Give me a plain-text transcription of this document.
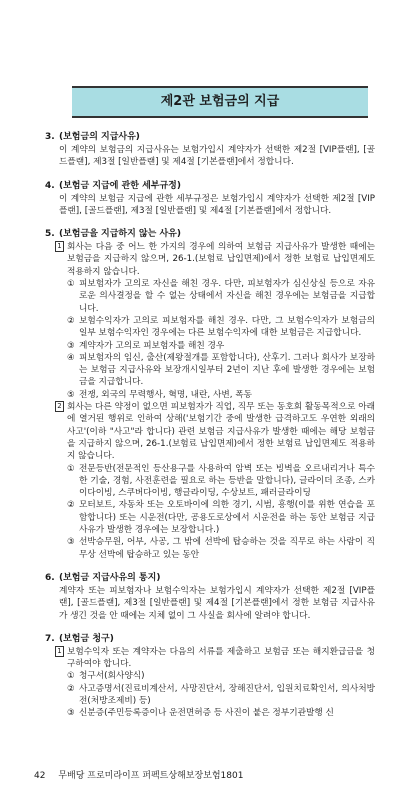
제2관 보험금의 지급
3. (보험금의 지급사유)
이 계약의 보험금의 지급사유는 보험가입시 계약자가 선택한 제2절 [VIP플랜], [골드플랜], 제3절 [일반플랜] 및 제4절 [기본플랜]에서 정합니다.
4. (보험금 지급에 관한 세부규정)
이 계약의 보험금 지급에 관한 세부규정은 보험가입시 계약자가 선택한 제2절 [VIP플랜], [골드플랜], 제3절 [일반플랜] 및 제4절 [기본플랜]에서 정합니다.
5. (보험금을 지급하지 않는 사유)
1 회사는 다음 중 어느 한 가지의 경우에 의하여 보험금 지급사유가 발생한 때에는 보험금을 지급하지 않으며, 26-1.(보험료 납입면제)에서 정한 보험료 납입면제도 적용하지 않습니다.
① 피보험자가 고의로 자신을 해친 경우. 다만, 피보험자가 심신상실 등으로 자유로운 의사결정을 할 수 없는 상태에서 자신을 해친 경우에는 보험금을 지급합니다.
② 보험수익자가 고의로 피보험자를 해친 경우. 다만, 그 보험수익자가 보험금의 일부 보험수익자인 경우에는 다른 보험수익자에 대한 보험금은 지급합니다.
③ 계약자가 고의로 피보험자를 해친 경우
④ 피보험자의 임신, 출산(제왕절개를 포함합니다), 산후기. 그러나 회사가 보장하는 보험금 지급사유와 보장개시일부터 2년이 지난 후에 발생한 경우에는 보험금을 지급합니다.
⑤ 전쟁, 외국의 무력행사, 혁명, 내란, 사변, 폭동
2 회사는 다른 약정이 없으면 피보험자가 직업, 직무 또는 동호회 활동목적으로 아래에 열거된 행위로 인하여 상해('보험기간 중에 발생한 급격하고도 우연한 외래의 사고'(이하 "사고"라 합니다) 관련 보험금 지급사유가 발생한 때에는 해당 보험금을 지급하지 않으며, 26-1.(보험료 납입면제)에서 정한 보험료 납입면제도 적용하지 않습니다.
① 전문등반(전문적인 등산용구를 사용하여 암벽 또는 빙벽을 오르내리거나 특수한 기술, 경험, 사전훈련을 필요로 하는 등반을 말합니다), 글라이더 조종, 스카이다이빙, 스쿠버다이빙, 행글라이딩, 수상보트, 패러글라이딩
② 모터보트, 자동차 또는 오토바이에 의한 경기, 시범, 흥행(이를 위한 연습을 포함합니다) 또는 시운전(다만, 공용도로상에서 시운전을 하는 동안 보험금 지급사유가 발생한 경우에는 보장합니다.)
③ 선박승무원, 어부, 사공, 그 밖에 선박에 탑승하는 것을 직무로 하는 사람이 직무상 선박에 탑승하고 있는 동안
6. (보험금 지급사유의 통지)
계약자 또는 피보험자나 보험수익자는 보험가입시 계약자가 선택한 제2절 [VIP플랜], [골드플랜], 제3절 [일반플랜] 및 제4절 [기본플랜]에서 정한 보험금 지급사유가 생긴 것을 안 때에는 지체 없이 그 사실을 회사에 알려야 합니다.
7. (보험금 청구)
1 보험수익자 또는 계약자는 다음의 서류를 제출하고 보험금 또는 해지환급금을 청구하여야 합니다.
① 청구서(회사양식)
② 사고증명서(진료비계산서, 사망진단서, 장해진단서, 입원치료확인서, 의사처방전(처방조제비) 등)
③ 신분증(주민등록증이나 운전면허증 등 사진이 붙은 정부기관발행 신
42 무배당 프로미라이프 퍼펙트상해보장보험1801
